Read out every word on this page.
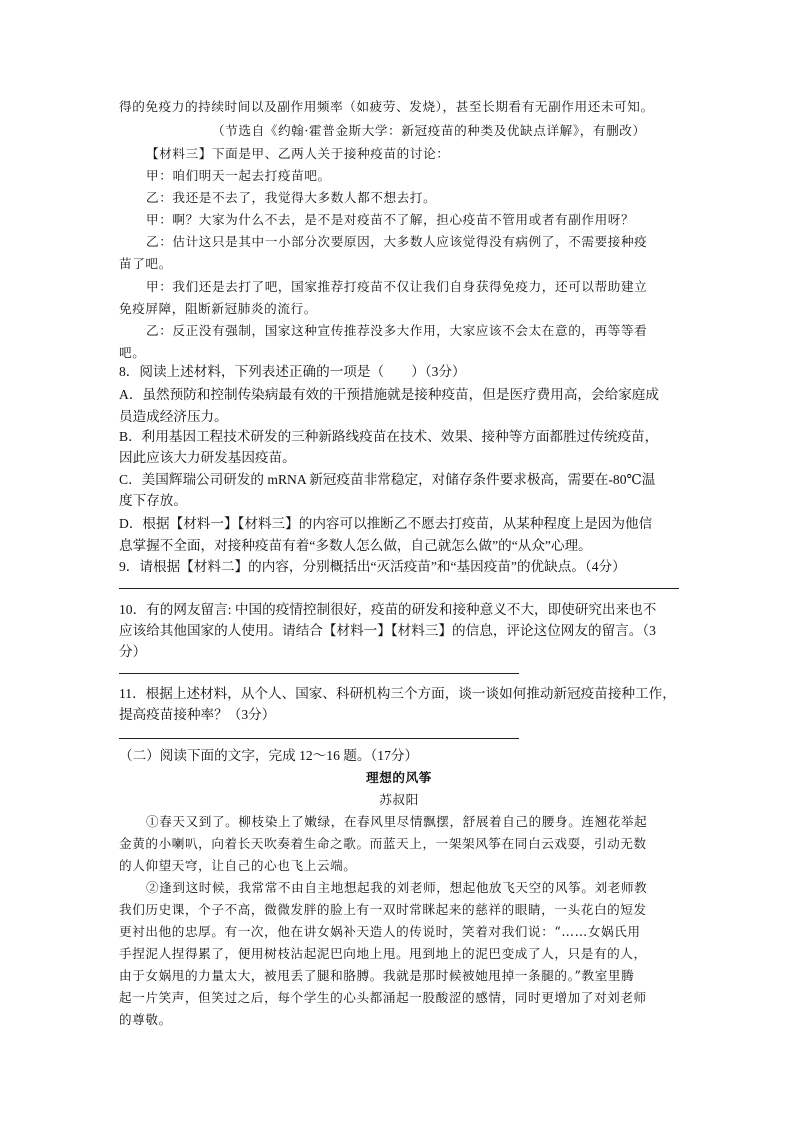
得的免疫力的持续时间以及副作用频率（如疲劳、发烧），甚至长期看有无副作用还未可知。

（节选自《约翰·霍普金斯大学：新冠疫苗的种类及优缺点详解》，有删改）

【材料三】下面是甲、乙两人关于接种疫苗的讨论：

甲：咱们明天一起去打疫苗吧。

乙：我还是不去了，我觉得大多数人都不想去打。

甲：啊？大家为什么不去，是不是对疫苗不了解，担心疫苗不管用或者有副作用呀？

乙：估计这只是其中一小部分次要原因，大多数人应该觉得没有病例了，不需要接种疫

苗了吧。

甲：我们还是去打了吧，国家推荐打疫苗不仅让我们自身获得免疫力，还可以帮助建立

免疫屏障，阻断新冠肺炎的流行。

乙：反正没有强制，国家这种宣传推荐没多大作用，大家应该不会太在意的，再等等看

吧。

8．阅读上述材料，下列表述正确的一项是（　　）（3分）

A．虽然预防和控制传染病最有效的干预措施就是接种疫苗，但是医疗费用高，会给家庭成

员造成经济压力。

B．利用基因工程技术研发的三种新路线疫苗在技术、效果、接种等方面都胜过传统疫苗，

因此应该大力研发基因疫苗。

C．美国辉瑞公司研发的 mRNA 新冠疫苗非常稳定，对储存条件要求极高，需要在-80℃温

度下存放。

D．根据【材料一】【材料三】的内容可以推断乙不愿去打疫苗，从某种程度上是因为他信

息掌握不全面，对接种疫苗有着“多数人怎么做，自己就怎么做”的“从众”心理。

9．请根据【材料二】的内容，分别概括出“灭活疫苗”和“基因疫苗”的优缺点。（4分）

10．有的网友留言: 中国的疫情控制很好，疫苗的研发和接种意义不大，即使研究出来也不

应该给其他国家的人使用。请结合【材料一】【材料三】的信息，评论这位网友的留言。（3

分）

11．根据上述材料，从个人、国家、科研机构三个方面，谈一谈如何推动新冠疫苗接种工作，

提高疫苗接种率？（3分）

（二）阅读下面的文字，完成 12～16 题。（17分）

理想的风筝

苏叔阳

①春天又到了。柳枝染上了嫩绿，在春风里尽情飘摆，舒展着自己的腰身。连翘花举起

金黄的小喇叭，向着长天吹奏着生命之歌。而蓝天上，一架架风筝在同白云戏耍，引动无数

的人仰望天穹，让自己的心也飞上云端。

②逢到这时候，我常常不由自主地想起我的刘老师，想起他放飞天空的风筝。刘老师教

我们历史课，个子不高，微微发胖的脸上有一双时常眯起来的慈祥的眼睛，一头花白的短发

更衬出他的忠厚。有一次，他在讲女娲补天造人的传说时，笑着对我们说：“……女娲氏用

手捏泥人捏得累了，便用树枝沾起泥巴向地上甩。甩到地上的泥巴变成了人，只是有的人，

由于女娲甩的力量太大，被甩丢了腿和胳膊。我就是那时候被她甩掉一条腿的。”教室里腾

起一片笑声，但笑过之后，每个学生的心头都涌起一股酸涩的感情，同时更增加了对刘老师

的尊敬。
